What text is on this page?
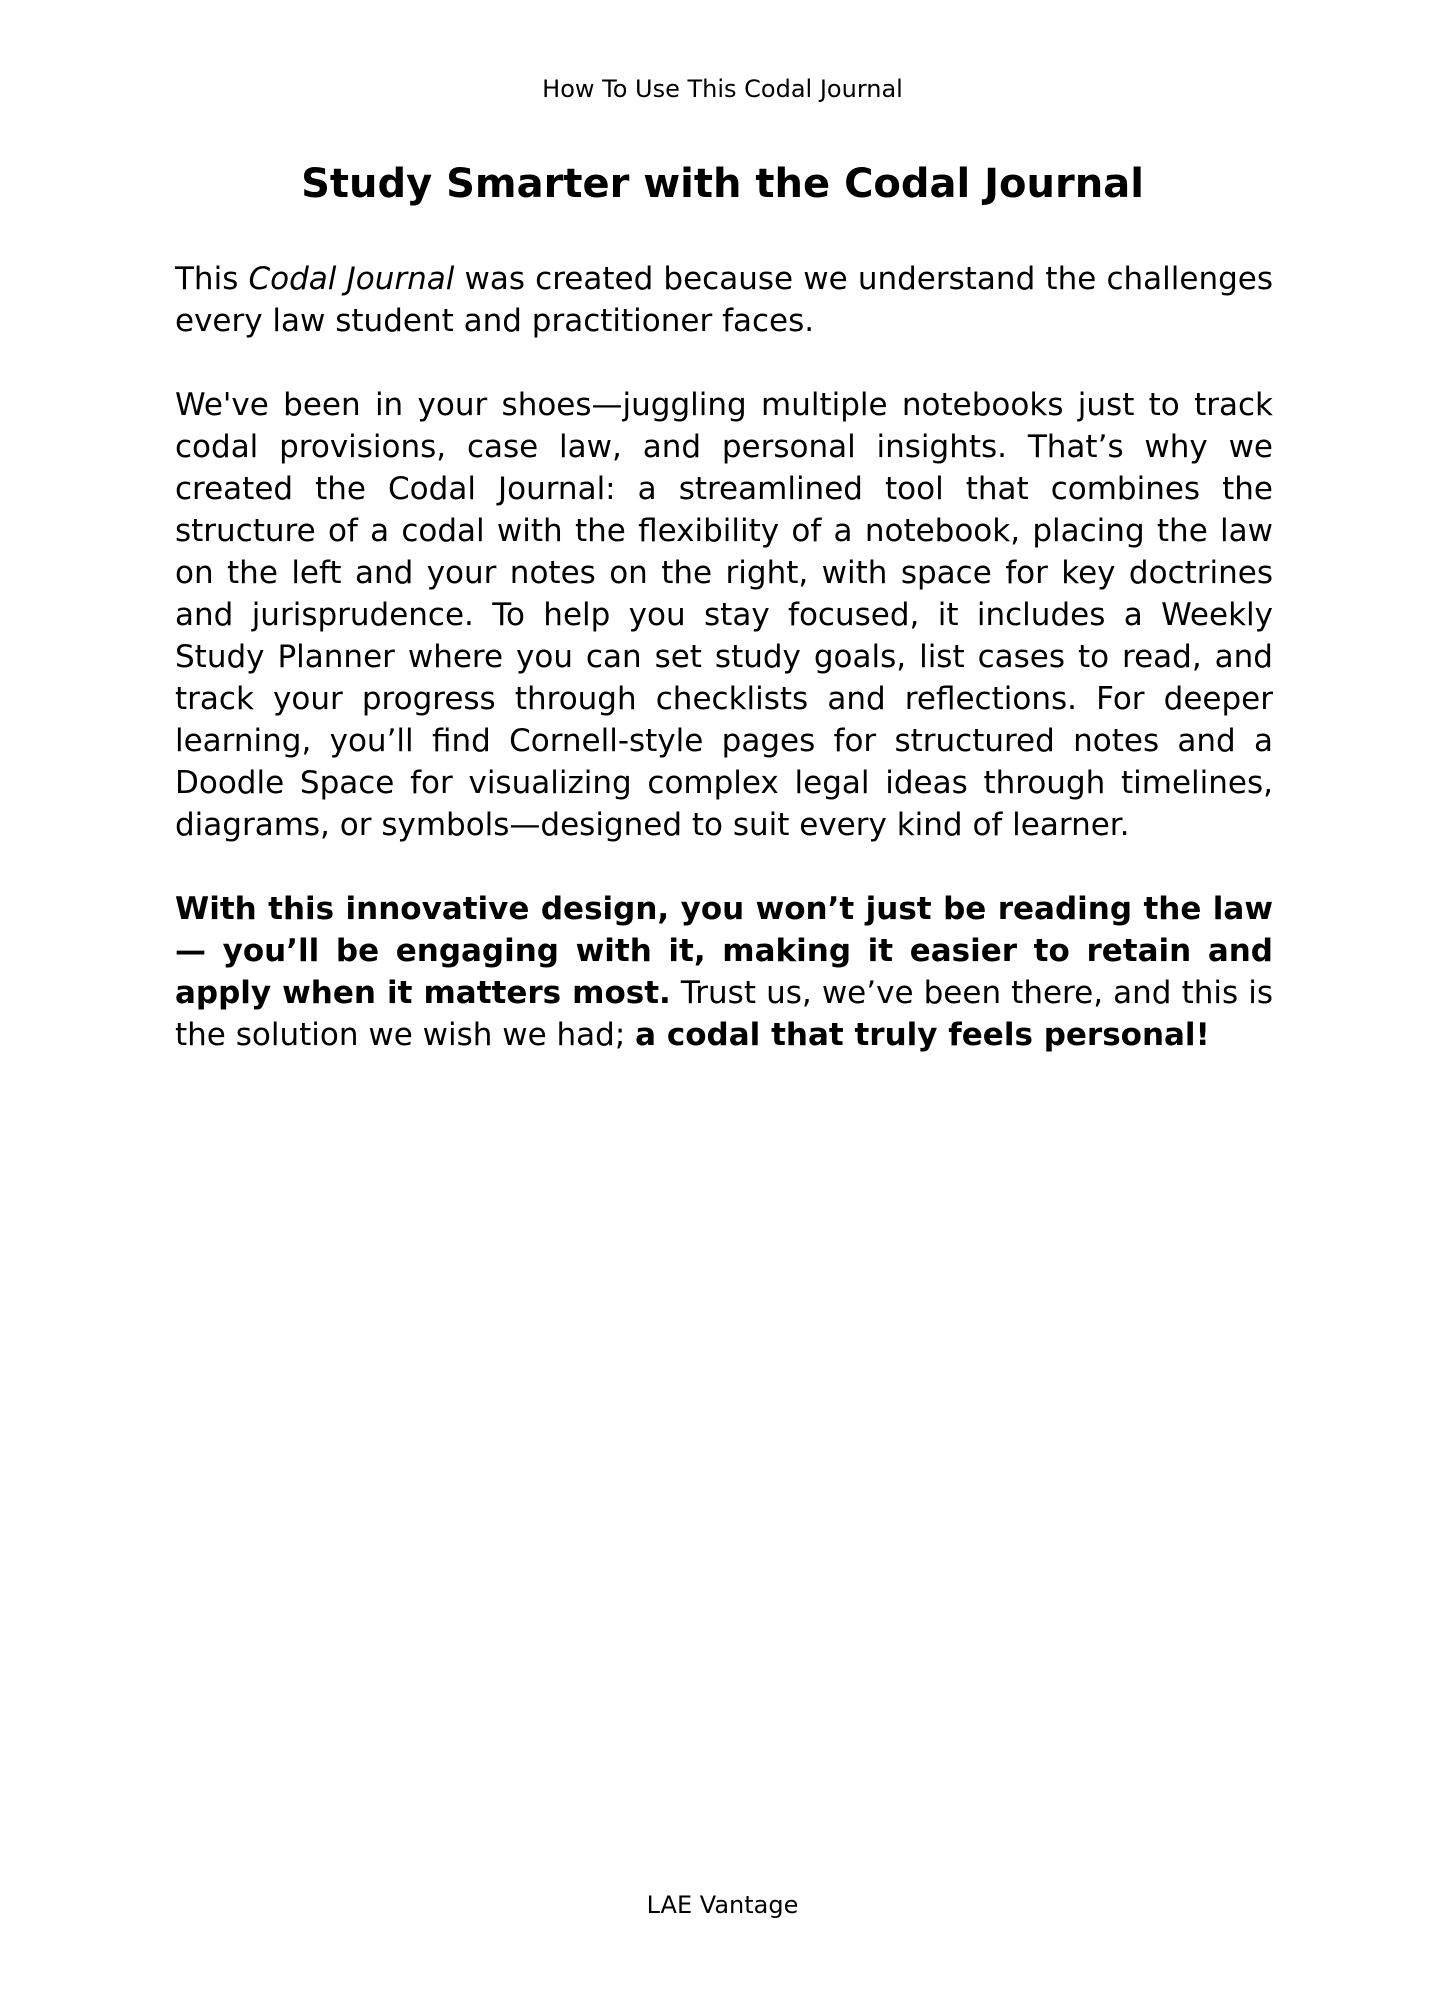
How To Use This Codal Journal
Study Smarter with the Codal Journal

This Codal Journal was created because we understand the challenges every law student and practitioner faces.

We've been in your shoes—juggling multiple notebooks just to track codal provisions, case law, and personal insights. That’s why we created the Codal Journal: a streamlined tool that combines the structure of a codal with the flexibility of a notebook, placing the law on the left and your notes on the right, with space for key doctrines and jurisprudence. To help you stay focused, it includes a Weekly Study Planner where you can set study goals, list cases to read, and track your progress through checklists and reflections. For deeper learning, you’ll find Cornell-style pages for structured notes and a Doodle Space for visualizing complex legal ideas through timelines, diagrams, or symbols—designed to suit every kind of learner.

With this innovative design, you won’t just be reading the law — you’ll be engaging with it, making it easier to retain and apply when it matters most. Trust us, we’ve been there, and this is the solution we wish we had; a codal that truly feels personal!

LAE Vantage
